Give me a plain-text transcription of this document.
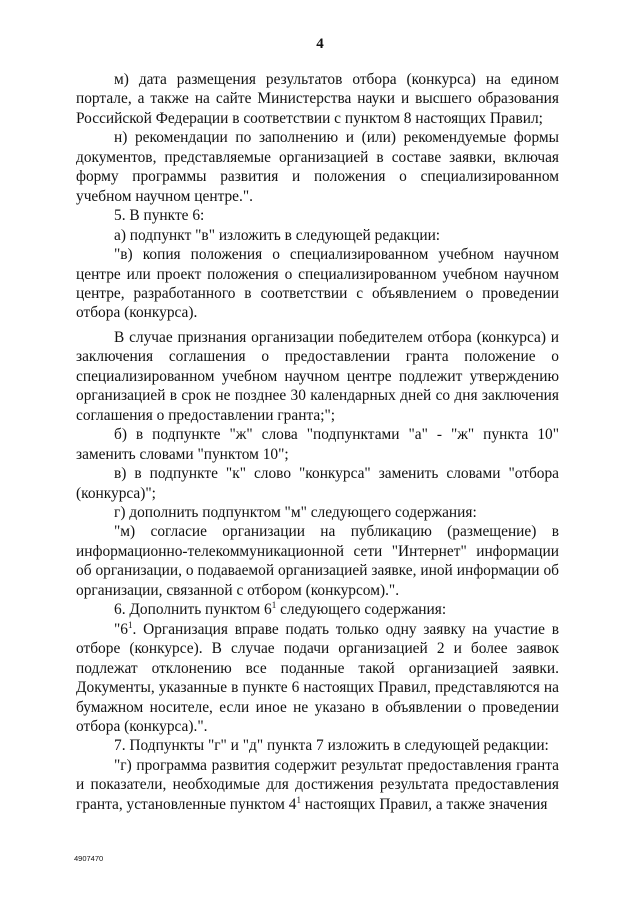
4

м) дата размещения результатов отбора (конкурса) на едином портале, а также на сайте Министерства науки и высшего образования Российской Федерации в соответствии с пунктом 8 настоящих Правил;

н) рекомендации по заполнению и (или) рекомендуемые формы документов, представляемые организацией в составе заявки, включая форму программы развития и положения о специализированном учебном научном центре.".

5. В пункте 6:

а) подпункт "в" изложить в следующей редакции:

"в) копия положения о специализированном учебном научном центре или проект положения о специализированном учебном научном центре, разработанного в соответствии с объявлением о проведении отбора (конкурса).

В случае признания организации победителем отбора (конкурса) и заключения соглашения о предоставлении гранта положение о специализированном учебном научном центре подлежит утверждению организацией в срок не позднее 30 календарных дней со дня заключения соглашения о предоставлении гранта;";

б) в подпункте "ж" слова "подпунктами "а" - "ж" пункта 10" заменить словами "пунктом 10";

в) в подпункте "к" слово "конкурса" заменить словами "отбора (конкурса)";

г) дополнить подпунктом "м" следующего содержания:

"м) согласие организации на публикацию (размещение) в информационно-телекоммуникационной сети "Интернет" информации об организации, о подаваемой организацией заявке, иной информации об организации, связанной с отбором (конкурсом).".

6. Дополнить пунктом $6^1$ следующего содержания:

"$6^1$. Организация вправе подать только одну заявку на участие в отборе (конкурсе). В случае подачи организацией 2 и более заявок подлежат отклонению все поданные такой организацией заявки. Документы, указанные в пункте 6 настоящих Правил, представляются на бумажном носителе, если иное не указано в объявлении о проведении отбора (конкурса).".

7. Подпункты "г" и "д" пункта 7 изложить в следующей редакции:

"г) программа развития содержит результат предоставления гранта и показатели, необходимые для достижения результата предоставления гранта, установленные пунктом $4^1$ настоящих Правил, а также значения

4907470
